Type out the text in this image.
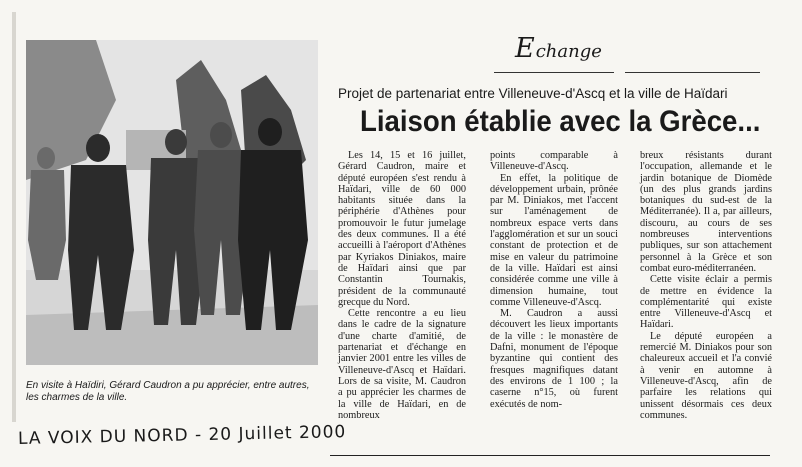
En visite à Haïdiri, Gérard Caudron a pu apprécier, entre autres, les charmes de la ville.
Echange
Projet de partenariat entre Villeneuve-d'Ascq et la ville de Haïdari
Liaison établie avec la Grèce...

Les 14, 15 et 16 juillet, Gérard Caudron, maire et député européen s'est rendu à Haïdari, ville de 60 000 habitants située dans la périphérie d'Athènes pour promouvoir le futur jumelage des deux communes. Il a été accueilli à l'aéroport d'Athènes par Kyriakos Diniakos, maire de Haïdari ainsi que par Constantin Tournakis, président de la communauté grecque du Nord.

Cette rencontre a eu lieu dans le cadre de la signature d'une charte d'amitié, de partenariat et d'échange en janvier 2001 entre les villes de Villeneuve-d'Ascq et Haïdari. Lors de sa visite, M. Caudron a pu apprécier les charmes de la ville de Haïdari, en de nombreux

points comparable à Villeneuve-d'Ascq.

En effet, la politique de développement urbain, prônée par M. Diniakos, met l'accent sur l'aménagement de nombreux espace verts dans l'agglomération et sur un souci constant de protection et de mise en valeur du patrimoine de la ville. Haïdari est ainsi considérée comme une ville à dimension humaine, tout comme Villeneuve-d'Ascq.

M. Caudron a aussi découvert les lieux importants de la ville : le monastère de Dafni, monument de l'époque byzantine qui contient des fresques magnifiques datant des environs de 1 100 ; la caserne n°15, où furent exécutés de nom-

breux résistants durant l'occupation, allemande et le jardin botanique de Diomède (un des plus grands jardins botaniques du sud-est de la Méditerranée). Il a, par ailleurs, discouru, au cours de ses nombreuses interventions publiques, sur son attachement personnel à la Grèce et son combat euro-méditerranéen.

Cette visite éclair a permis de mettre en évidence la complémentarité qui existe entre Villeneuve-d'Ascq et Haïdari.

Le député européen a remercié M. Diniakos pour son chaleureux accueil et l'a convié à venir en automne à Villeneuve-d'Ascq, afin de parfaire les relations qui unissent désormais ces deux communes.

LA VOIX DU NORD - 20 Juillet 2000
